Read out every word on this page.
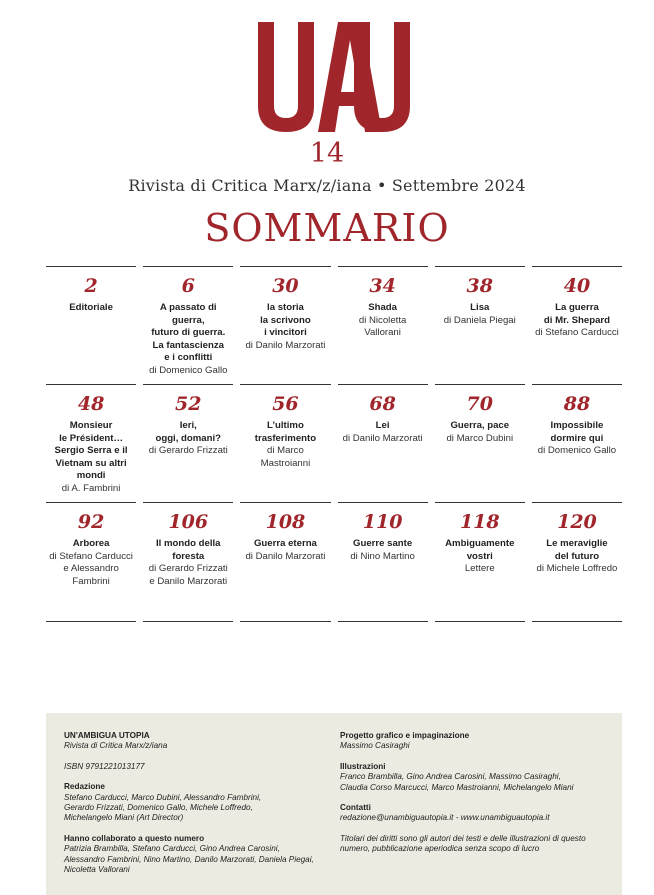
14
Rivista di Critica Marx/z/iana • Settembre 2024
SOMMARIO
2
Editoriale
6
A passato di
guerra,
futuro di guerra.
La fantascienza
e i conflitti
di Domenico Gallo
30
la storia
la scrivono
i vincitori
di Danilo Marzorati
34
Shada
di Nicoletta
Vallorani
38
Lisa
di Daniela Piegai
40
La guerra
di Mr. Shepard
di Stefano Carducci
48
Monsieur
le Président…
Sergio Serra e il
Vietnam su altri
mondi
di A. Fambrini
52
Ieri,
oggi, domani?
di Gerardo Frizzati
56
L’ultimo
trasferimento
di Marco
Mastroianni
68
Lei
di Danilo Marzorati
70
Guerra, pace
di Marco Dubini
88
Impossibile
dormire qui
di Domenico Gallo
92
Arborea
di Stefano Carducci
e Alessandro
Fambrini
106
Il mondo della
foresta
di Gerardo Frizzati
e Danilo Marzorati
108
Guerra eterna
di Danilo Marzorati
110
Guerre sante
di Nino Martino
118
Ambiguamente
vostri
Lettere
120
Le meraviglie
del futuro
di Michele Loffredo
UN'AMBIGUA UTOPIA
Rivista di Critica Marx/z/iana
ISBN 9791221013177
Redazione
Stefano Carducci, Marco Dubini, Alessandro Fambrini,
Gerardo Frizzati, Domenico Gallo, Michele Loffredo,
Michelangelo Miani (Art Director)
Hanno collaborato a questo numero
Patrizia Brambilla, Stefano Carducci, Gino Andrea Carosini,
Alessandro Fambrini, Nino Martino, Danilo Marzorati, Daniela Piegai,
Nicoletta Vallorani
Progetto grafico e impaginazione
Massimo Casiraghi
Illustrazioni
Franco Brambilla, Gino Andrea Carosini, Massimo Casiraghi,
Claudia Corso Marcucci, Marco Mastroianni, Michelangelo Miani
Contatti
redazione@unambiguautopia.it - www.unambiguautopia.it
Titolari dei diritti sono gli autori dei testi e delle illustrazioni di questo
numero, pubblicazione aperiodica senza scopo di lucro
